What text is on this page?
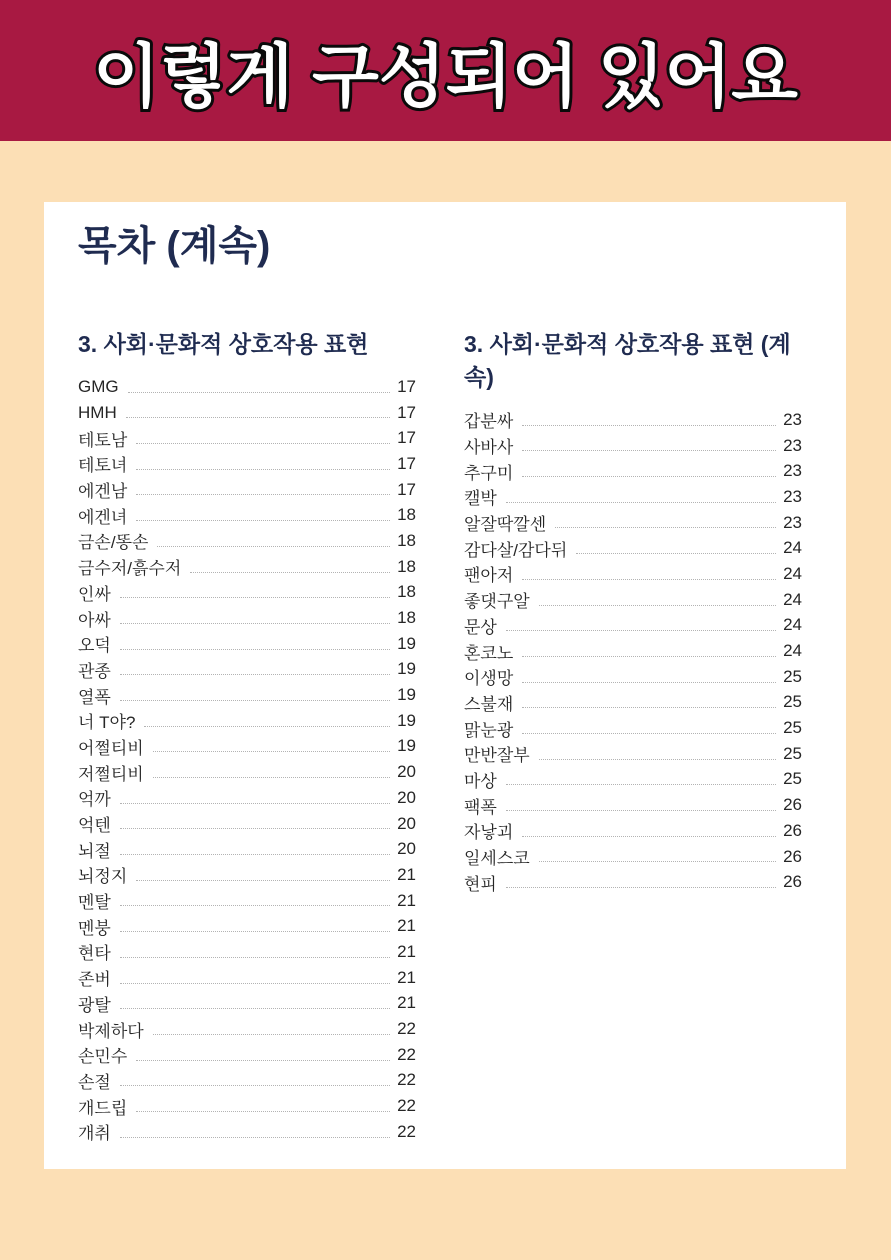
이렇게 구성되어 있어요
목차 (계속)
3. 사회·문화적 상호작용 표현
GMG	17
HMH	17
테토남	17
테토녀	17
에겐남	17
에겐녀	18
금손/똥손	18
금수저/흙수저	18
인싸	18
아싸	18
오덕	19
관종	19
열폭	19
너 T야?	19
어쩔티비	19
저쩔티비	20
억까	20
억텐	20
뇌절	20
뇌정지	21
멘탈	21
멘붕	21
현타	21
존버	21
광탈	21
박제하다	22
손민수	22
손절	22
개드립	22
개취	22
3. 사회·문화적 상호작용 표현 (계속)
갑분싸	23
사바사	23
추구미	23
캘박	23
알잘딱깔센	23
감다살/감다뒤	24
팬아저	24
좋댓구알	24
문상	24
혼코노	24
이생망	25
스불재	25
맑눈광	25
만반잘부	25
마상	25
팩폭	26
자낳괴	26
일세스코	26
현피	26
